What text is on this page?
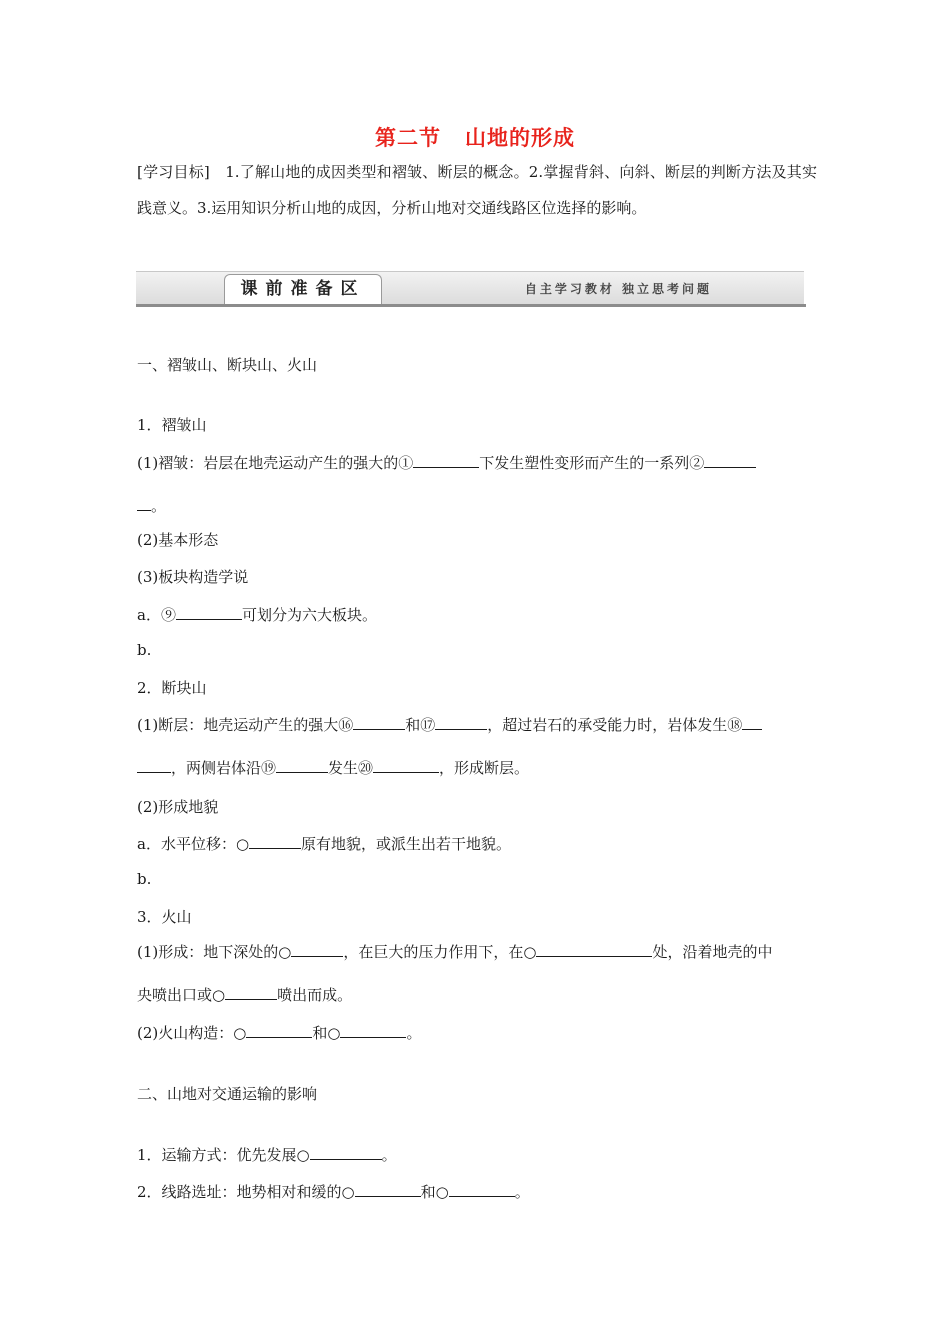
第二节 山地的形成
[学习目标]　1.了解山地的成因类型和褶皱、断层的概念。2.掌握背斜、向斜、断层的判断方法及其实践意义。3.运用知识分析山地的成因，分析山地对交通线路区位选择的影响。
课前准备区	自主学习教材 独立思考问题
一、褶皱山、断块山、火山
1．褶皱山
(1)褶皱：岩层在地壳运动产生的强大的①	下发生塑性变形而产生的一系列②
。
(2)基本形态
(3)板块构造学说
a．⑨	可划分为六大板块。
b.
2．断块山
(1)断层：地壳运动产生的强大⑯	和⑰	，超过岩石的承受能力时，岩体发生⑱
，两侧岩体沿⑲	发生⑳	，形成断层。
(2)形成地貌
a．水平位移：○	原有地貌，或派生出若干地貌。
b.
3．火山
(1)形成：地下深处的○	，在巨大的压力作用下，在○	处，沿着地壳的中
央喷出口或○	喷出而成。
(2)火山构造：○	和○	。
二、山地对交通运输的影响
1．运输方式：优先发展○	。
2．线路选址：地势相对和缓的○	和○	。
